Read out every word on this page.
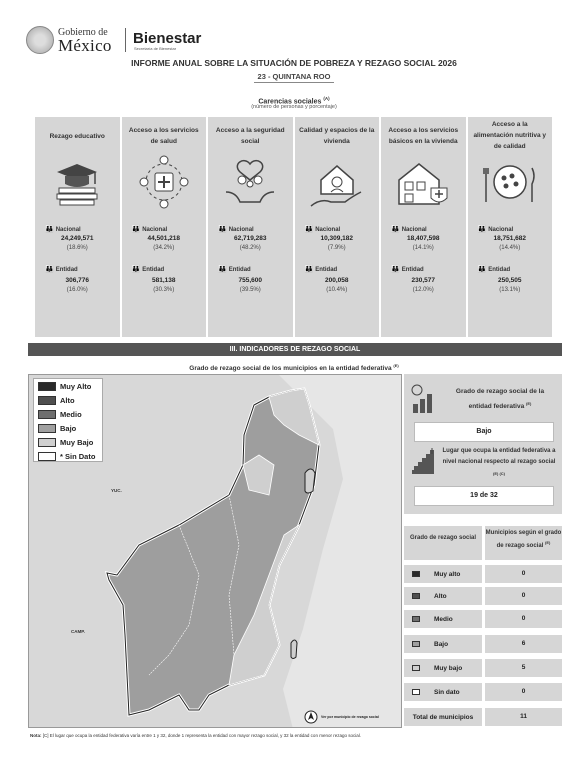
Gobierno de
México Bienestar
Secretaría de Bienestar
INFORME ANUAL SOBRE LA SITUACIÓN DE POBREZA Y REZAGO SOCIAL 2026
23 - QUINTANA ROO
Carencias sociales $^{(A)}$
(número de personas y porcentaje)
Rezago educativo
👪 Nacional
24,249,571
(18.6%)
👪 Entidad
306,776
(16.0%)
Acceso a los servicios de salud
👪 Nacional
44,501,218
(34.2%)
👪 Entidad
581,138
(30.3%)
Acceso a la seguridad social
👪 Nacional
62,719,283
(48.2%)
👪 Entidad
755,600
(39.5%)
Calidad y espacios de la vivienda
👪 Nacional
10,309,182
(7.9%)
👪 Entidad
200,058
(10.4%)
Acceso a los servicios básicos en la vivienda
👪 Nacional
18,407,598
(14.1%)
👪 Entidad
230,577
(12.0%)
Acceso a la alimentación nutritiva y de calidad
👪 Nacional
18,751,682
(14.4%)
👪 Entidad
250,505
(13.1%)
III. INDICADORES DE REZAGO SOCIAL
Grado de rezago social de los municipios en la entidad federativa $^{(E)}$
YUC.
CAMP.
Ver por municipio de rezago social
Muy Alto
Alto
Medio
Bajo
Muy Bajo
* Sin Dato
Grado de rezago social de la entidad federativa $^{(E)}$
Bajo
Lugar que ocupa la entidad federativa a nivel nacional respecto al rezago social $^{(E) (C)}$
19 de 32
Grado de rezago social
Municipios según el grado de rezago social $^{(E)}$
Muy alto	0
Alto	0
Medio	0
Bajo	6
Muy bajo	5
Sin dato	0
Total de municipios	11
Nota: [C] El lugar que ocupa la entidad federativa varía entre 1 y 32, donde 1 representa la entidad con mayor rezago social, y 32 la entidad con menor rezago social.
